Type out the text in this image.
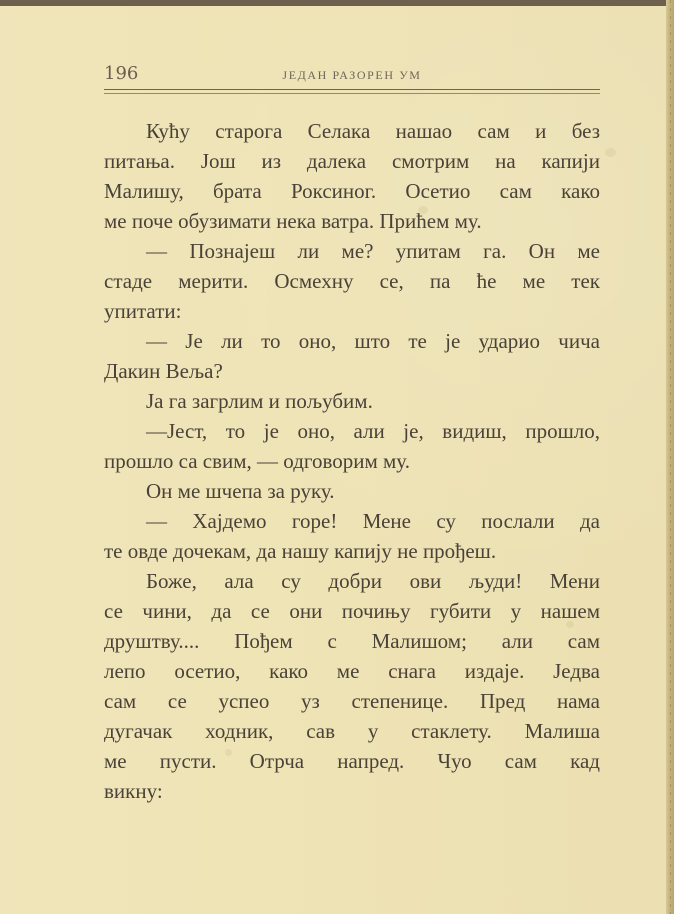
196	ЈЕДАН РАЗОРЕН УМ
Кућу старога Селака нашао сам и без
питања. Још из далека смотрим на капији
Малишу, брата Роксиног. Осетио сам како
ме поче обузимати нека ватра. Прићем му.
— Познајеш ли ме? упитам га. Он ме
стаде мерити. Осмехну се, па ће ме тек
упитати:
— Је ли то оно, што те је ударио чича
Дакин Веља?
Ја га загрлим и пољубим.
—Јест, то је оно, али је, видиш, прошло,
прошло са свим, — одговорим му.
Он ме шчепа за руку.
— Хајдемо горе! Мене су послали да
те овде дочекам, да нашу капију не прођеш.
Боже, ала су добри ови људи! Мени
се чини, да се они почињу губити у нашем
друштву.... Пођем с Малишом; али сам
лепо осетио, како ме снага издаје. Једва
сам се успео уз степенице. Пред нама
дугачак ходник, сав у стаклету. Малиша
ме пусти. Отрча напред. Чуо сам кад
викну:
